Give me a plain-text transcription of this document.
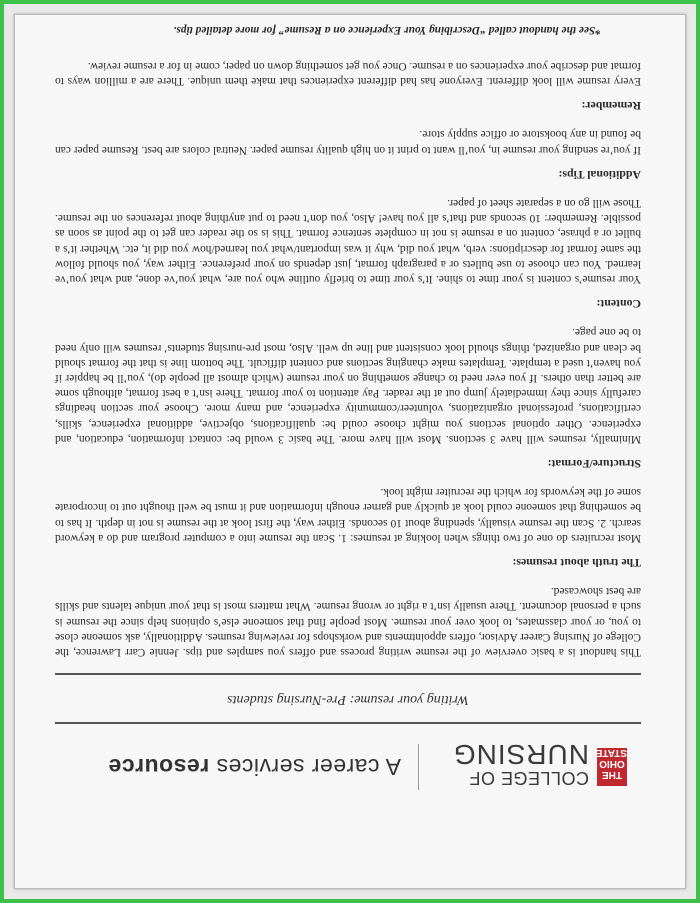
THE OHIO STATE
COLLEGE OF
NURSING
A career services resource
Writing your resume: Pre-Nursing students

This handout is a basic overview of the resume writing process and offers you samples and tips. Jennie Carr Lawrence, the College of Nursing Career Advisor, offers appointments and workshops for reviewing resumes. Additionally, ask someone close to you, or your classmates, to look over your resume. Most people find that someone else’s opinions help since the resume is such a personal document. There usually isn’t a right or wrong resume. What matters most is that your unique talents and skills are best showcased.

The truth about resumes:

Most recruiters do one of two things when looking at resumes: 1. Scan the resume into a computer program and do a keyword search. 2. Scan the resume visually, spending about 10 seconds. Either way, the first look at the resume is not in depth. It has to be something that someone could look at quickly and garner enough information and it must be well thought out to incorporate some of the keywords for which the recruiter might look.

Structure/Format:

Minimally, resumes will have 3 sections. Most will have more. The basic 3 would be: contact information, education, and experience. Other optional sections you might choose could be: qualifications, objective, additional experience, skills, certifications, professional organizations, volunteer/community experience, and many more. Choose your section headings carefully since they immediately jump out at the reader. Pay attention to your format. There isn’t a best format, although some are better than others. If you ever need to change something on your resume (which almost all people do), you’ll be happier if you haven’t used a template. Templates make changing sections and content difficult. The bottom line is that the format should be clean and organized, things should look consistent and line up well. Also, most pre-nursing students’ resumes will only need to be one page.

Content:

Your resume’s content is your time to shine. It’s your time to briefly outline who you are, what you’ve done, and what you’ve learned. You can choose to use bullets or a paragraph format, just depends on your preference. Either way, you should follow the same format for descriptions: verb, what you did, why it was important/what you learned/how you did it, etc. Whether it’s a bullet or a phrase, content on a resume is not in complete sentence format. This is so the reader can get to the point as soon as possible. Remember: 10 seconds and that’s all you have! Also, you don’t need to put anything about references on the resume. Those will go on a separate sheet of paper.

Additional Tips:

If you’re sending your resume in, you’ll want to print it on high quality resume paper. Neutral colors are best. Resume paper can be found in any bookstore or office supply store.

Remember:

Every resume will look different. Everyone has had different experiences that make them unique. There are a million ways to format and describe your experiences on a resume. Once you get something down on paper, come in for a resume review.

*See the handout called “Describing Your Experience on a Resume” for more detailed tips.
